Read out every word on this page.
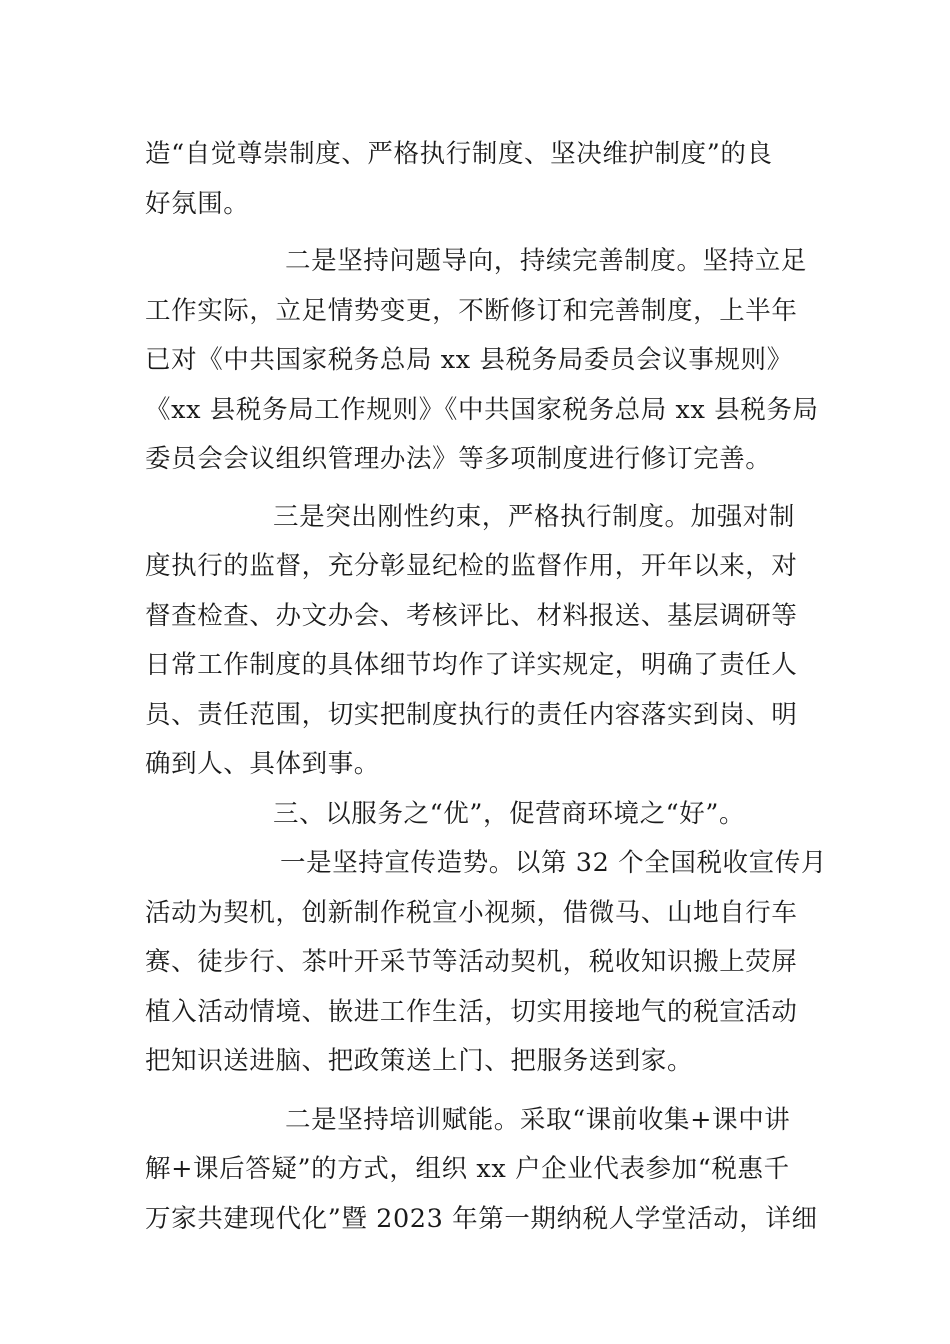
造“自觉尊崇制度、严格执行制度、坚决维护制度”的良
好氛围。
二是坚持问题导向，持续完善制度。坚持立足
工作实际，立足情势变更，不断修订和完善制度，上半年
已对《中共国家税务总局 xx 县税务局委员会议事规则》
《xx 县税务局工作规则》《中共国家税务总局 xx 县税务局
委员会会议组织管理办法》等多项制度进行修订完善。
三是突出刚性约束，严格执行制度。加强对制
度执行的监督，充分彰显纪检的监督作用，开年以来，对
督查检查、办文办会、考核评比、材料报送、基层调研等
日常工作制度的具体细节均作了详实规定，明确了责任人
员、责任范围，切实把制度执行的责任内容落实到岗、明
确到人、具体到事。
三、以服务之“优”，促营商环境之“好”。
一是坚持宣传造势。以第 32 个全国税收宣传月
活动为契机，创新制作税宣小视频，借微马、山地自行车
赛、徒步行、茶叶开采节等活动契机，税收知识搬上荧屏
植入活动情境、嵌进工作生活，切实用接地气的税宣活动
把知识送进脑、把政策送上门、把服务送到家。
二是坚持培训赋能。采取“课前收集+课中讲
解+课后答疑”的方式，组织 xx 户企业代表参加“税惠千
万家共建现代化”暨 2023 年第一期纳税人学堂活动，详细
